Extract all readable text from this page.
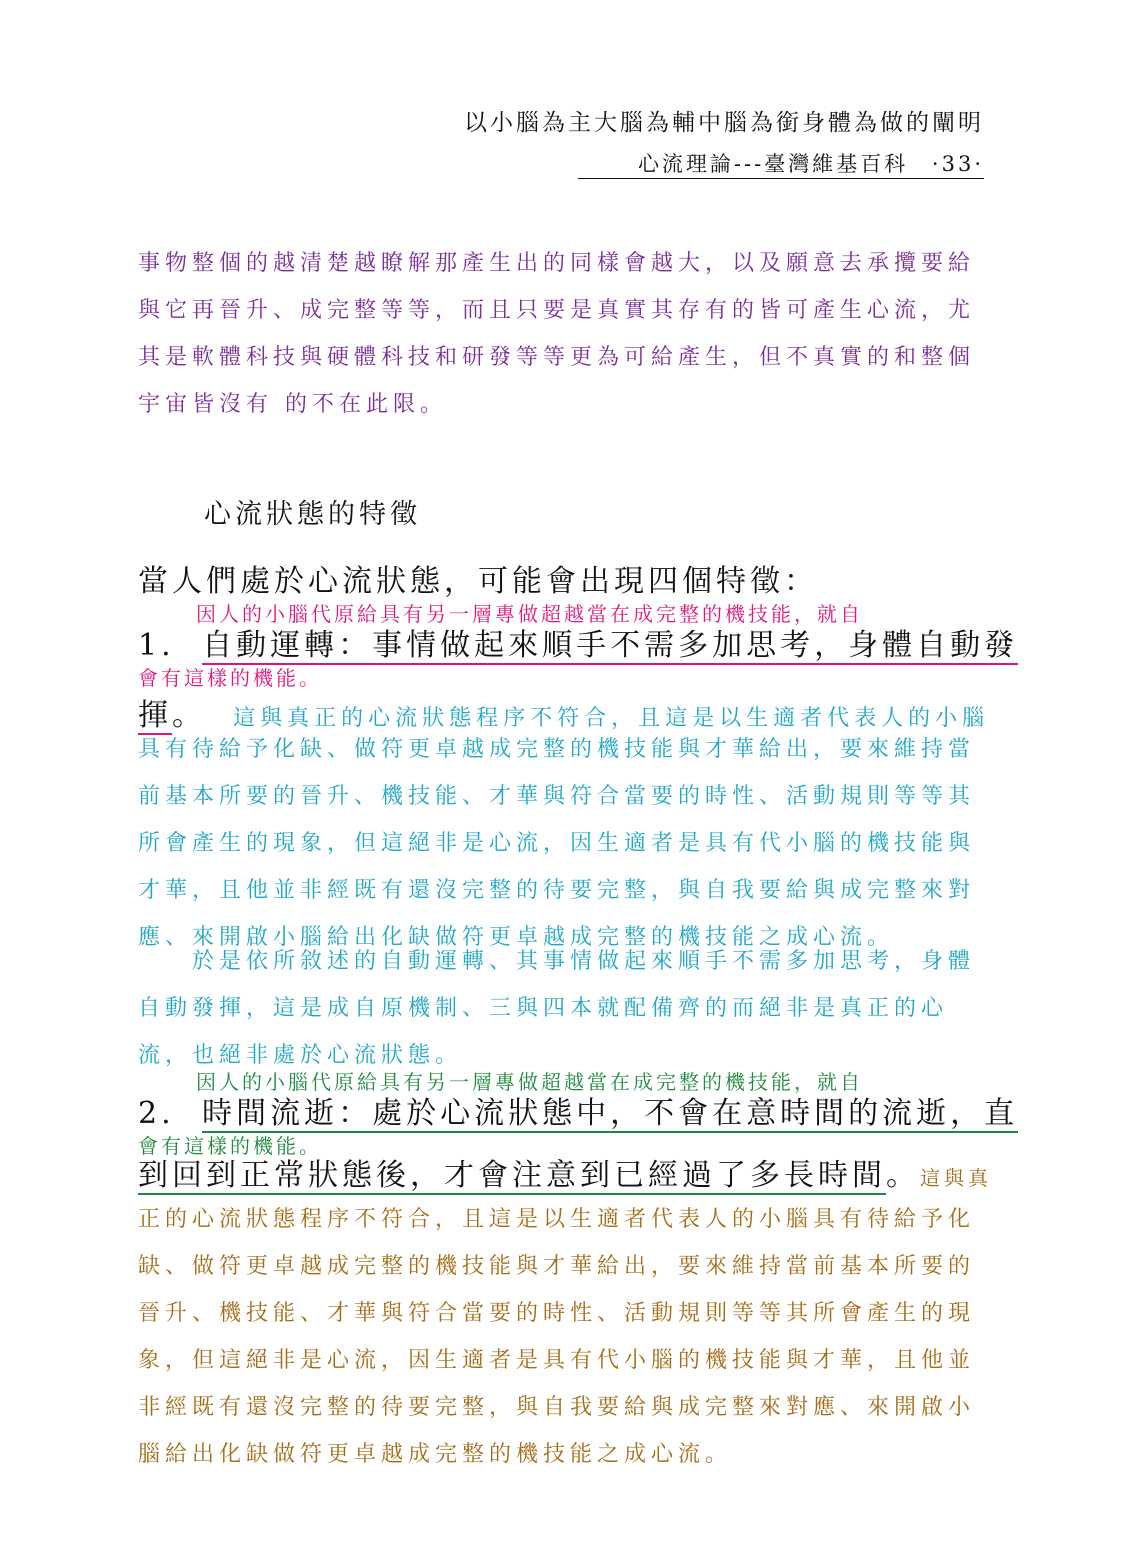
以小腦為主大腦為輔中腦為銜身體為做的闡明
心流理論---臺灣維基百科 ·33·
事物整個的越清楚越瞭解那產生出的同樣會越大，以及願意去承攬要給
與它再晉升、成完整等等，而且只要是真實其存有的皆可產生心流，尤
其是軟體科技與硬體科技和研發等等更為可給產生，但不真實的和整個
宇宙皆沒有 的不在此限。
心流狀態的特徵
當人們處於心流狀態，可能會出現四個特徵：
因人的小腦代原給具有另一層專做超越當在成完整的機技能，就自
1. 自動運轉：事情做起來順手不需多加思考，身體自動發
會有這樣的機能。
揮。 這與真正的心流狀態程序不符合，且這是以生適者代表人的小腦
具有待給予化缺、做符更卓越成完整的機技能與才華給出，要來維持當
前基本所要的晉升、機技能、才華與符合當要的時性、活動規則等等其
所會產生的現象，但這絕非是心流，因生適者是具有代小腦的機技能與
才華，且他並非經既有還沒完整的待要完整，與自我要給與成完整來對
應、來開啟小腦給出化缺做符更卓越成完整的機技能之成心流。
於是依所敘述的自動運轉、其事情做起來順手不需多加思考，身體
自動發揮，這是成自原機制、三與四本就配備齊的而絕非是真正的心
流，也絕非處於心流狀態。
因人的小腦代原給具有另一層專做超越當在成完整的機技能，就自
2. 時間流逝：處於心流狀態中，不會在意時間的流逝，直
會有這樣的機能。
到回到正常狀態後，才會注意到已經過了多長時間。這與真
正的心流狀態程序不符合，且這是以生適者代表人的小腦具有待給予化
缺、做符更卓越成完整的機技能與才華給出，要來維持當前基本所要的
晉升、機技能、才華與符合當要的時性、活動規則等等其所會產生的現
象，但這絕非是心流，因生適者是具有代小腦的機技能與才華，且他並
非經既有還沒完整的待要完整，與自我要給與成完整來對應、來開啟小
腦給出化缺做符更卓越成完整的機技能之成心流。
